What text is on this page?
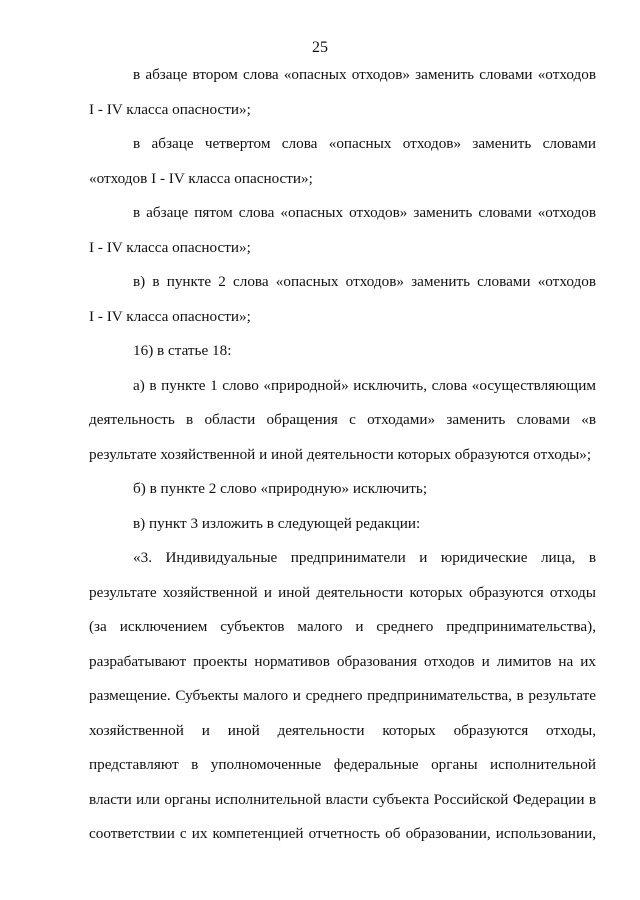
25
в абзаце втором слова «опасных отходов» заменить словами «отходов
I - IV класса опасности»;
в абзаце четвертом слова «опасных отходов» заменить словами
«отходов I - IV класса опасности»;
в абзаце пятом слова «опасных отходов» заменить словами «отходов
I - IV класса опасности»;
в) в пункте 2 слова «опасных отходов» заменить словами «отходов
I - IV класса опасности»;
16) в статье 18:
а) в пункте 1 слово «природной» исключить, слова «осуществляющим
деятельность в области обращения с отходами» заменить словами «в
результате хозяйственной и иной деятельности которых образуются отходы»;
б) в пункте 2 слово «природную» исключить;
в) пункт 3 изложить в следующей редакции:
«3. Индивидуальные предприниматели и юридические лица, в
результате хозяйственной и иной деятельности которых образуются отходы
(за исключением субъектов малого и среднего предпринимательства),
разрабатывают проекты нормативов образования отходов и лимитов на их
размещение. Субъекты малого и среднего предпринимательства, в результате
хозяйственной и иной деятельности которых образуются отходы,
представляют в уполномоченные федеральные органы исполнительной
власти или органы исполнительной власти субъекта Российской Федерации в
соответствии с их компетенцией отчетность об образовании, использовании,
